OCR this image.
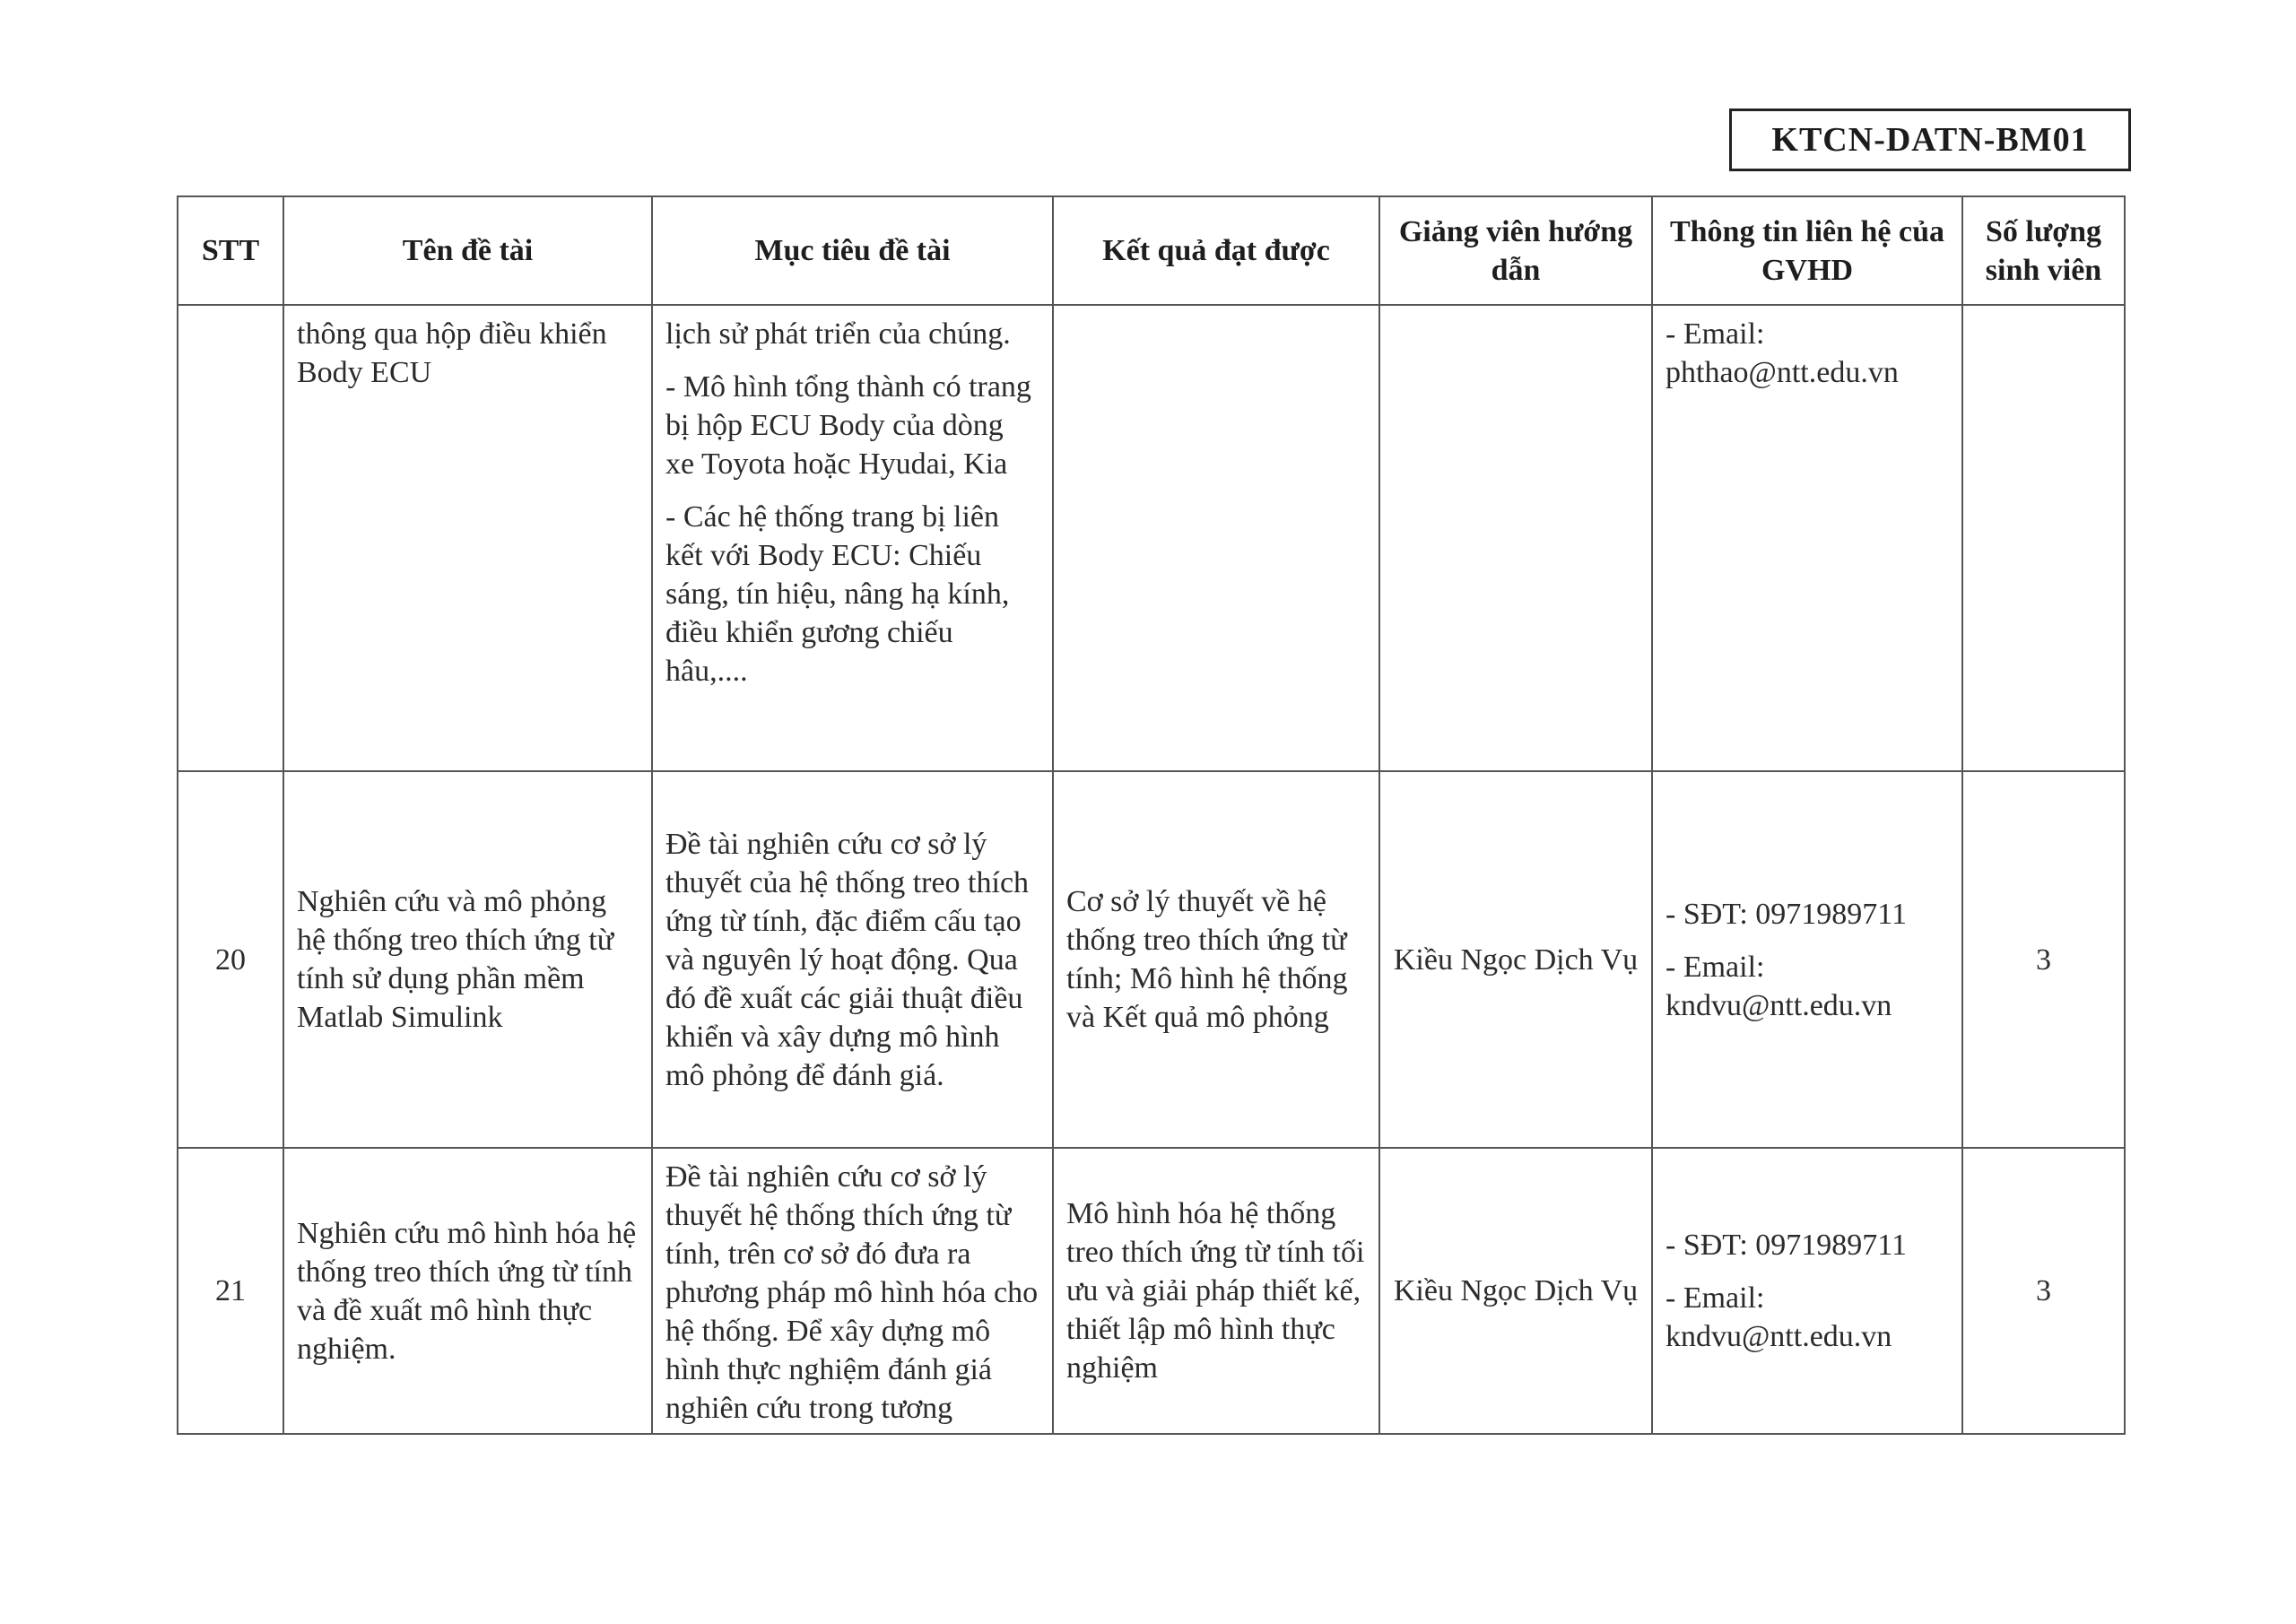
KTCN-DATN-BM01
STT	Tên đề tài	Mục tiêu đề tài	Kết quả đạt được	Giảng viên hướng dẫn	Thông tin liên hệ của GVHD	Số lượng sinh viên
	thông qua hộp điều khiển Body ECU	lịch sử phát triển của chúng.

- Mô hình tổng thành có trang bị hộp ECU Body của dòng xe Toyota hoặc Hyudai, Kia

- Các hệ thống trang bị liên kết với Body ECU: Chiếu sáng, tín hiệu, nâng hạ kính, điều khiển gương chiếu hâu,....			- Email: phthao@ntt.edu.vn	

20	Nghiên cứu và mô phỏng hệ thống treo thích ứng từ tính sử dụng phần mềm Matlab Simulink	Đề tài nghiên cứu cơ sở lý thuyết của hệ thống treo thích ứng từ tính, đặc điểm cấu tạo và nguyên lý hoạt động. Qua đó đề xuất các giải thuật điều khiển và xây dựng mô hình mô phỏng để đánh giá.	Cơ sở lý thuyết về hệ thống treo thích ứng từ tính; Mô hình hệ thống và Kết quả mô phỏng	Kiều Ngọc Dịch Vụ	- SĐT: 0971989711

- Email: kndvu@ntt.edu.vn	3
21	Nghiên cứu mô hình hóa hệ thống treo thích ứng từ tính và đề xuất mô hình thực nghiệm.	Đề tài nghiên cứu cơ sở lý thuyết hệ thống thích ứng từ tính, trên cơ sở đó đưa ra phương pháp mô hình hóa cho hệ thống. Để xây dựng mô hình thực nghiệm đánh giá nghiên cứu trong tương	Mô hình hóa hệ thống treo thích ứng từ tính tối ưu và giải pháp thiết kế, thiết lập mô hình thực nghiệm	Kiều Ngọc Dịch Vụ	- SĐT: 0971989711

- Email: kndvu@ntt.edu.vn	3
